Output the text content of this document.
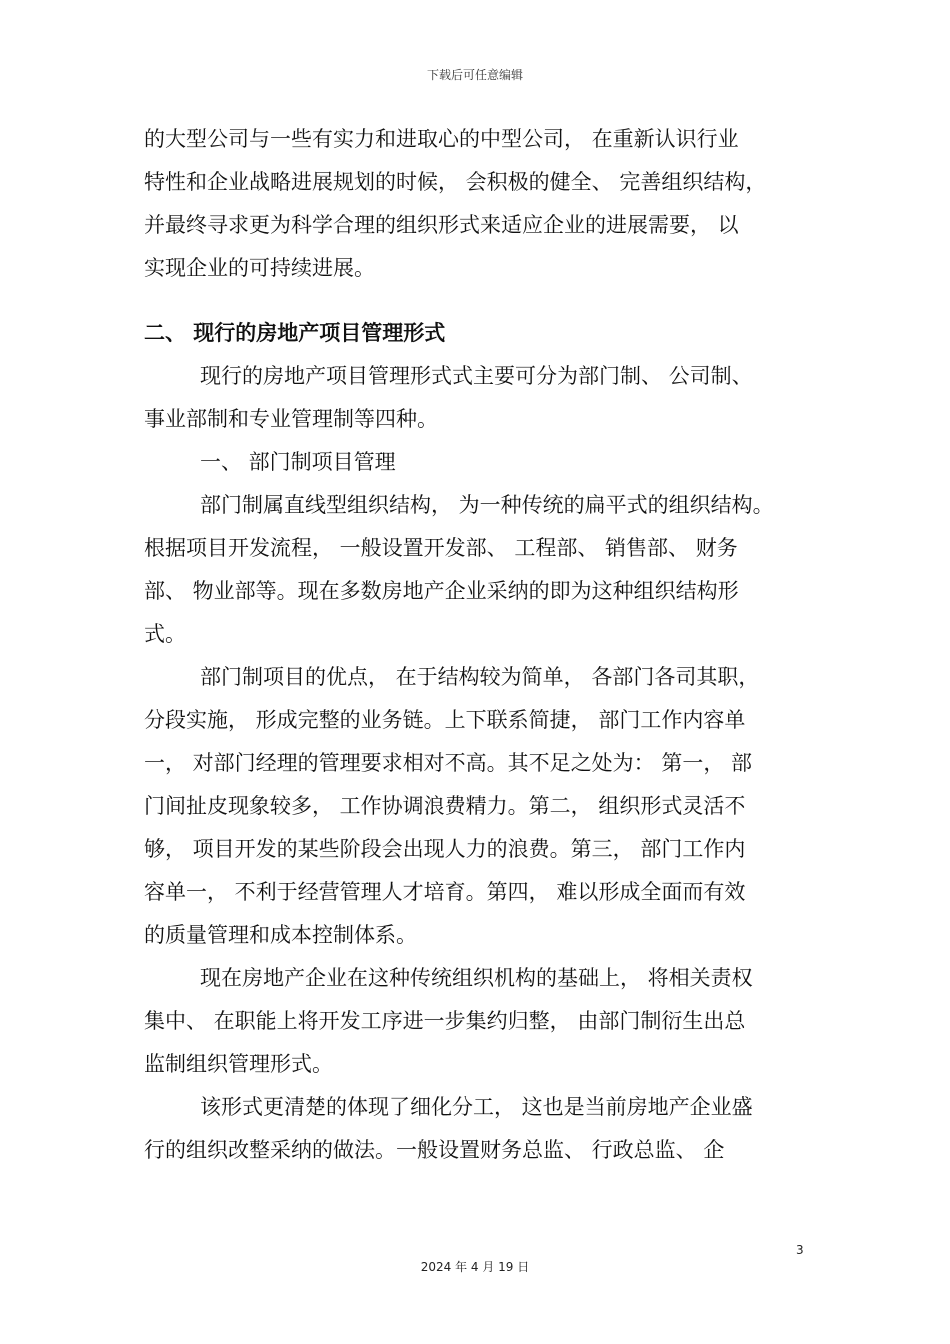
下载后可任意编辑
的大型公司与一些有实力和进取心的中型公司， 在重新认识行业
特性和企业战略进展规划的时候， 会积极的健全、 完善组织结构，
并最终寻求更为科学合理的组织形式来适应企业的进展需要， 以
实现企业的可持续进展。
二、 现行的房地产项目管理形式
现行的房地产项目管理形式式主要可分为部门制、 公司制、
事业部制和专业管理制等四种。
一、 部门制项目管理
部门制属直线型组织结构， 为一种传统的扁平式的组织结构。
根据项目开发流程， 一般设置开发部、 工程部、 销售部、 财务
部、 物业部等。现在多数房地产企业采纳的即为这种组织结构形
式。
部门制项目的优点， 在于结构较为简单， 各部门各司其职，
分段实施， 形成完整的业务链。上下联系简捷， 部门工作内容单
一， 对部门经理的管理要求相对不高。其不足之处为： 第一， 部
门间扯皮现象较多， 工作协调浪费精力。第二， 组织形式灵活不
够， 项目开发的某些阶段会出现人力的浪费。第三， 部门工作内
容单一， 不利于经营管理人才培育。第四， 难以形成全面而有效
的质量管理和成本控制体系。
现在房地产企业在这种传统组织机构的基础上， 将相关责权
集中、 在职能上将开发工序进一步集约归整， 由部门制衍生出总
监制组织管理形式。
该形式更清楚的体现了细化分工， 这也是当前房地产企业盛
行的组织改整采纳的做法。一般设置财务总监、 行政总监、 企
3
2024 年 4 月 19 日
